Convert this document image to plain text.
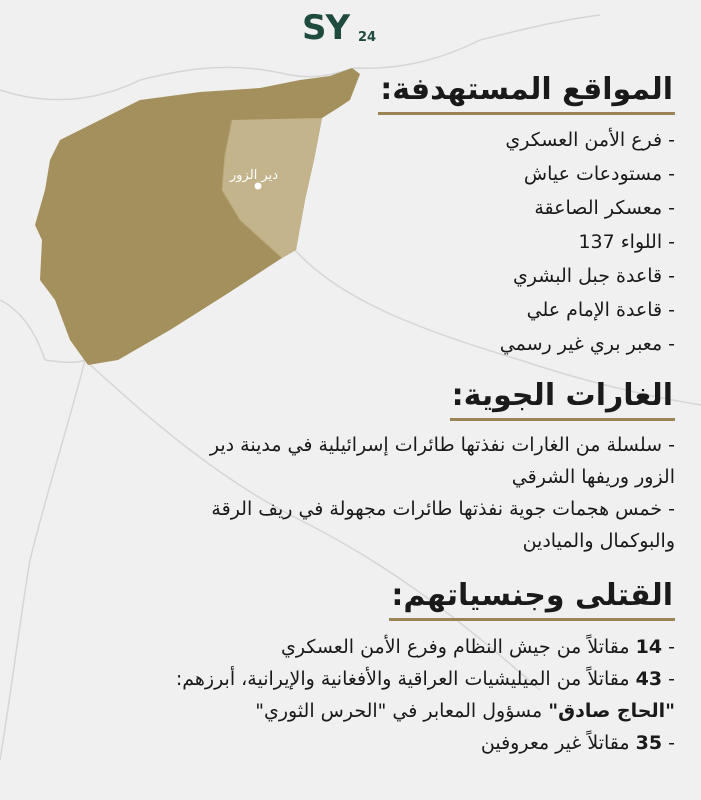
دير الزور
SY 24
المواقع المستهدفة:
-فرع الأمن العسكري
-مستودعات عياش
-معسكر الصاعقة
-اللواء 137
-قاعدة جبل البشري
-قاعدة الإمام علي
-معبر بري غير رسمي
الغارات الجوية:
- سلسلة من الغارات نفذتها طائرات إسرائيلية في مدينة دير الزور وريفها الشرقي
- خمس هجمات جوية نفذتها طائرات مجهولة في ريف الرقة والبوكمال والميادين
القتلى وجنسياتهم:
- 14 مقاتلاً من جيش النظام وفرع الأمن العسكري
- 43 مقاتلاً من الميليشيات العراقية والأفغانية والإيرانية، أبرزهم: "الحاج صادق" مسؤول المعابر في "الحرس الثوري"
- 35 مقاتلاً غير معروفين
